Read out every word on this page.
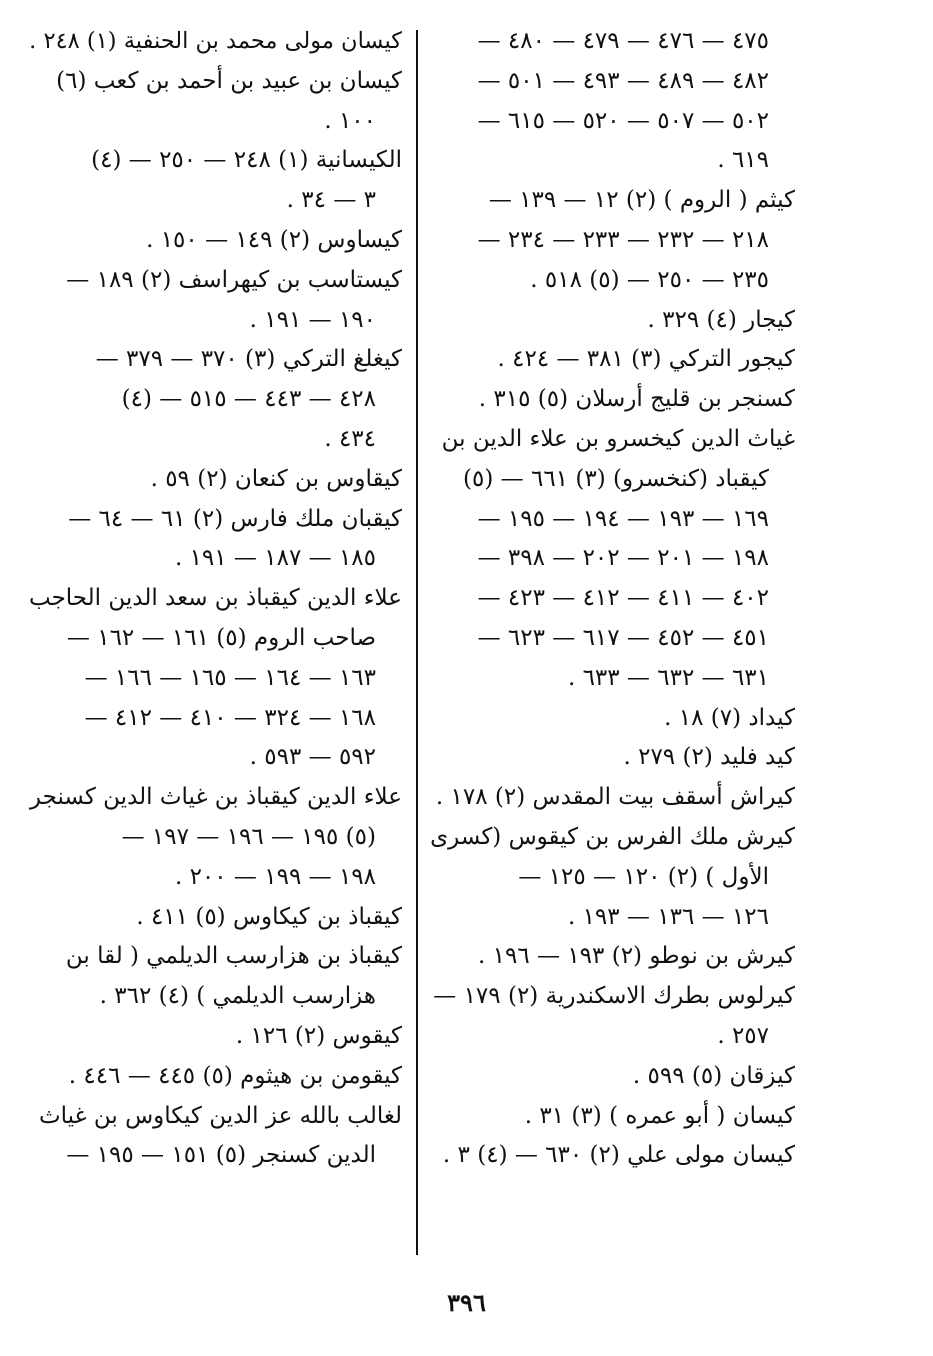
٤٧٥ — ٤٧٦ — ٤٧٩ — ٤٨٠ —
٤٨٢ — ٤٨٩ — ٤٩٣ — ٥٠١ —
٥٠٢ — ٥٠٧ — ٥٢٠ — ٦١٥ —
٦١٩ .
كيثم ( الروم ) (٢) ١٢ — ١٣٩ —
٢١٨ — ٢٣٢ — ٢٣٣ — ٢٣٤ —
٢٣٥ — ٢٥٠ — (٥) ٥١٨ .
كيجار (٤) ٣٢٩ .
كيجور التركي (٣) ٣٨١ — ٤٢٤ .
كسنجر بن قليج أرسلان (٥) ٣١٥ .
غياث الدين كيخسرو بن علاء الدين بن
كيقباد (كنخسرو) (٣) ٦٦١ — (٥)
١٦٩ — ١٩٣ — ١٩٤ — ١٩٥ —
١٩٨ — ٢٠١ — ٢٠٢ — ٣٩٨ —
٤٠٢ — ٤١١ — ٤١٢ — ٤٢٣ —
٤٥١ — ٤٥٢ — ٦١٧ — ٦٢٣ —
٦٣١ — ٦٣٢ — ٦٣٣ .
كيداد (٧) ١٨ .
كيد فليد (٢) ٢٧٩ .
كيراش أسقف بيت المقدس (٢) ١٧٨ .
كيرش ملك الفرس بن كيقوس (كسرى
الأول ) (٢) ١٢٠ — ١٢٥ —
١٢٦ — ١٣٦ — ١٩٣ .
كيرش بن نوطو (٢) ١٩٣ — ١٩٦ .
كيرلوس بطرك الاسكندرية (٢) ١٧٩ —
٢٥٧ .
كيزقان (٥) ٥٩٩ .
كيسان ( أبو عمره ) (٣) ٣١ .
كيسان مولى علي (٢) ٦٣٠ — (٤) ٣ .
كيسان مولى محمد بن الحنفية (١) ٢٤٨ .
كيسان بن عبيد بن أحمد بن كعب (٦)
١٠٠ .
الكيسانية (١) ٢٤٨ — ٢٥٠ — (٤)
٣ — ٣٤ .
كيساوس (٢) ١٤٩ — ١٥٠ .
كيستاسب بن كيهراسف (٢) ١٨٩ —
١٩٠ — ١٩١ .
كيغلغ التركي (٣) ٣٧٠ — ٣٧٩ —
٤٢٨ — ٤٤٣ — ٥١٥ — (٤)
٤٣٤ .
كيقاوس بن كنعان (٢) ٥٩ .
كيقبان ملك فارس (٢) ٦١ — ٦٤ —
١٨٥ — ١٨٧ — ١٩١ .
علاء الدين كيقباذ بن سعد الدين الحاجب
صاحب الروم (٥) ١٦١ — ١٦٢ —
١٦٣ — ١٦٤ — ١٦٥ — ١٦٦ —
١٦٨ — ٣٢٤ — ٤١٠ — ٤١٢ —
٥٩٢ — ٥٩٣ .
علاء الدين كيقباذ بن غياث الدين كسنجر
(٥) ١٩٥ — ١٩٦ — ١٩٧ —
١٩٨ — ١٩٩ — ٢٠٠ .
كيقباذ بن كيكاوس (٥) ٤١١ .
كيقباذ بن هزارسب الديلمي ( لقا بن
هزارسب الديلمي ) (٤) ٣٦٢ .
كيقوس (٢) ١٢٦ .
كيقومن بن هيثوم (٥) ٤٤٥ — ٤٤٦ .
لغالب بالله عز الدين كيكاوس بن غياث
الدين كسنجر (٥) ١٥١ — ١٩٥ —
٣٩٦
